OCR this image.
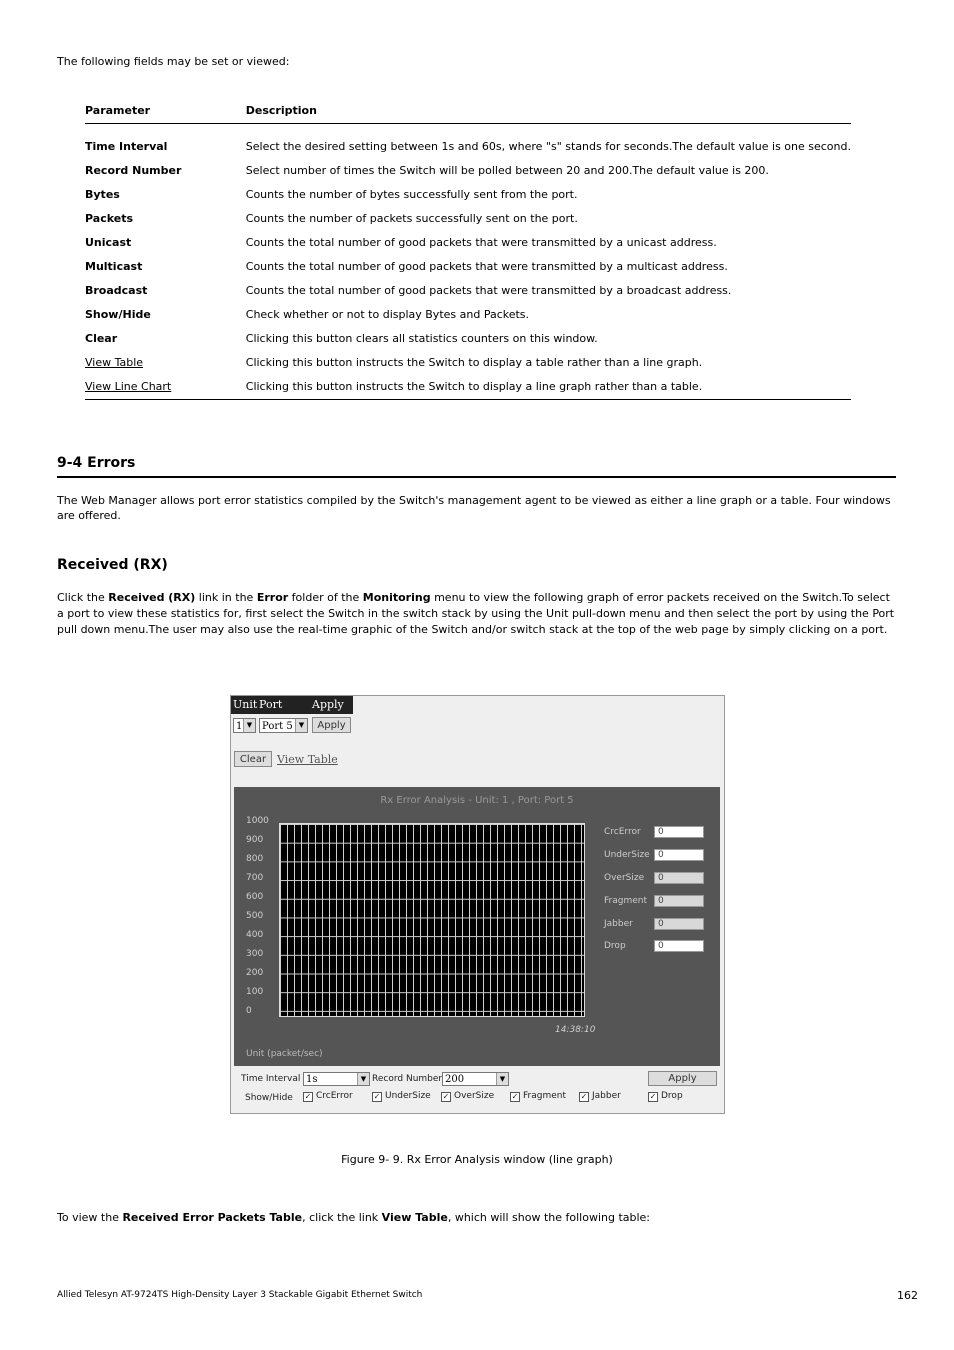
The following fields may be set or viewed:
Parameter	Description

Time Interval	Select the desired setting between 1s and 60s, where "s" stands for seconds.The default value is one second.
Record Number	Select number of times the Switch will be polled between 20 and 200.The default value is 200.
Bytes	Counts the number of bytes successfully sent from the port.
Packets	Counts the number of packets successfully sent on the port.
Unicast	Counts the total number of good packets that were transmitted by a unicast address.
Multicast	Counts the total number of good packets that were transmitted by a multicast address.
Broadcast	Counts the total number of good packets that were transmitted by a broadcast address.
Show/Hide	Check whether or not to display Bytes and Packets.
Clear	Clicking this button clears all statistics counters on this window.
View Table	Clicking this button instructs the Switch to display a table rather than a line graph.
View Line Chart	Clicking this button instructs the Switch to display a line graph rather than a table.
9-4 Errors
The Web Manager allows port error statistics compiled by the Switch's management agent to be viewed as either a line graph or a table. Four windows are offered.
Received (RX)
Click the Received (RX) link in the Error folder of the Monitoring menu to view the following graph of error packets received on the Switch.To select a port to view these statistics for, first select the Switch in the switch stack by using the Unit pull-down menu and then select the port by using the Port pull down menu.The user may also use the real-time graphic of the Switch and/or switch stack at the top of the web page by simply clicking on a port.
Unit Port	Apply
1 ▼ Port 5 ▼	Apply
Clear View Table
Rx Error Analysis - Unit: 1 , Port: Port 5
1000
900
800
700
600
500
400
300
200
100
0
14:38:10
Unit (packet/sec)
CrcError	0
UnderSize 0
OverSize	0
Fragment	0
Jabber	0
Drop	0
Time Interval 1s	▼ Record Number 200	▼	Apply
Show/Hide ✓ CrcError	✓ UnderSize ✓ OverSize ✓ Fragment ✓ Jabber	✓ Drop
Figure 9- 9. Rx Error Analysis window (line graph)
To view the Received Error Packets Table, click the link View Table, which will show the following table:
Allied Telesyn AT-9724TS High-Density Layer 3 Stackable Gigabit Ethernet Switch	162
